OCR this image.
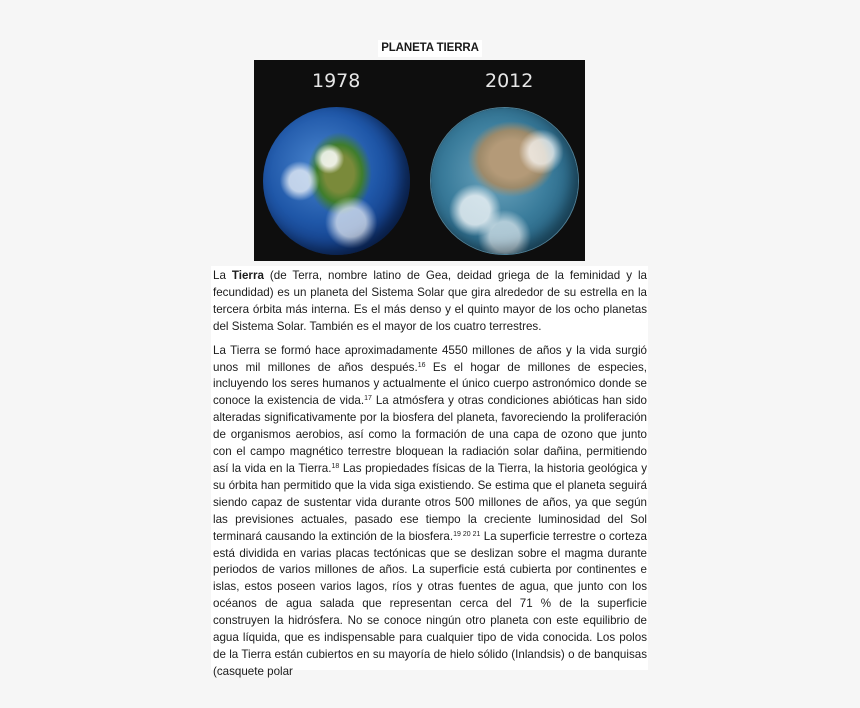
PLANETA TIERRA
1978	2012

La Tierra (de Terra, nombre latino de Gea, deidad griega de la feminidad y la fecundidad) es un planeta del Sistema Solar que gira alrededor de su estrella en la tercera órbita más interna. Es el más denso y el quinto mayor de los ocho planetas del Sistema Solar. También es el mayor de los cuatro terrestres.

La Tierra se formó hace aproximadamente 4550 millones de años y la vida surgió unos mil millones de años después.$^{16}$ Es el hogar de millones de especies, incluyendo los seres humanos y actualmente el único cuerpo astronómico donde se conoce la existencia de vida.$^{17}$ La atmósfera y otras condiciones abióticas han sido alteradas significativamente por la biosfera del planeta, favoreciendo la proliferación de organismos aerobios, así como la formación de una capa de ozono que junto con el campo magnético terrestre bloquean la radiación solar dañina, permitiendo así la vida en la Tierra.$^{18}$ Las propiedades físicas de la Tierra, la historia geológica y su órbita han permitido que la vida siga existiendo. Se estima que el planeta seguirá siendo capaz de sustentar vida durante otros 500 millones de años, ya que según las previsiones actuales, pasado ese tiempo la creciente luminosidad del Sol terminará causando la extinción de la biosfera.$^{19 20 21}$ La superficie terrestre o corteza está dividida en varias placas tectónicas que se deslizan sobre el magma durante periodos de varios millones de años. La superficie está cubierta por continentes e islas, estos poseen varios lagos, ríos y otras fuentes de agua, que junto con los océanos de agua salada que representan cerca del 71 % de la superficie construyen la hidrósfera. No se conoce ningún otro planeta con este equilibrio de agua líquida, que es indispensable para cualquier tipo de vida conocida. Los polos de la Tierra están cubiertos en su mayoría de hielo sólido (Inlandsis) o de banquisas (casquete polar
